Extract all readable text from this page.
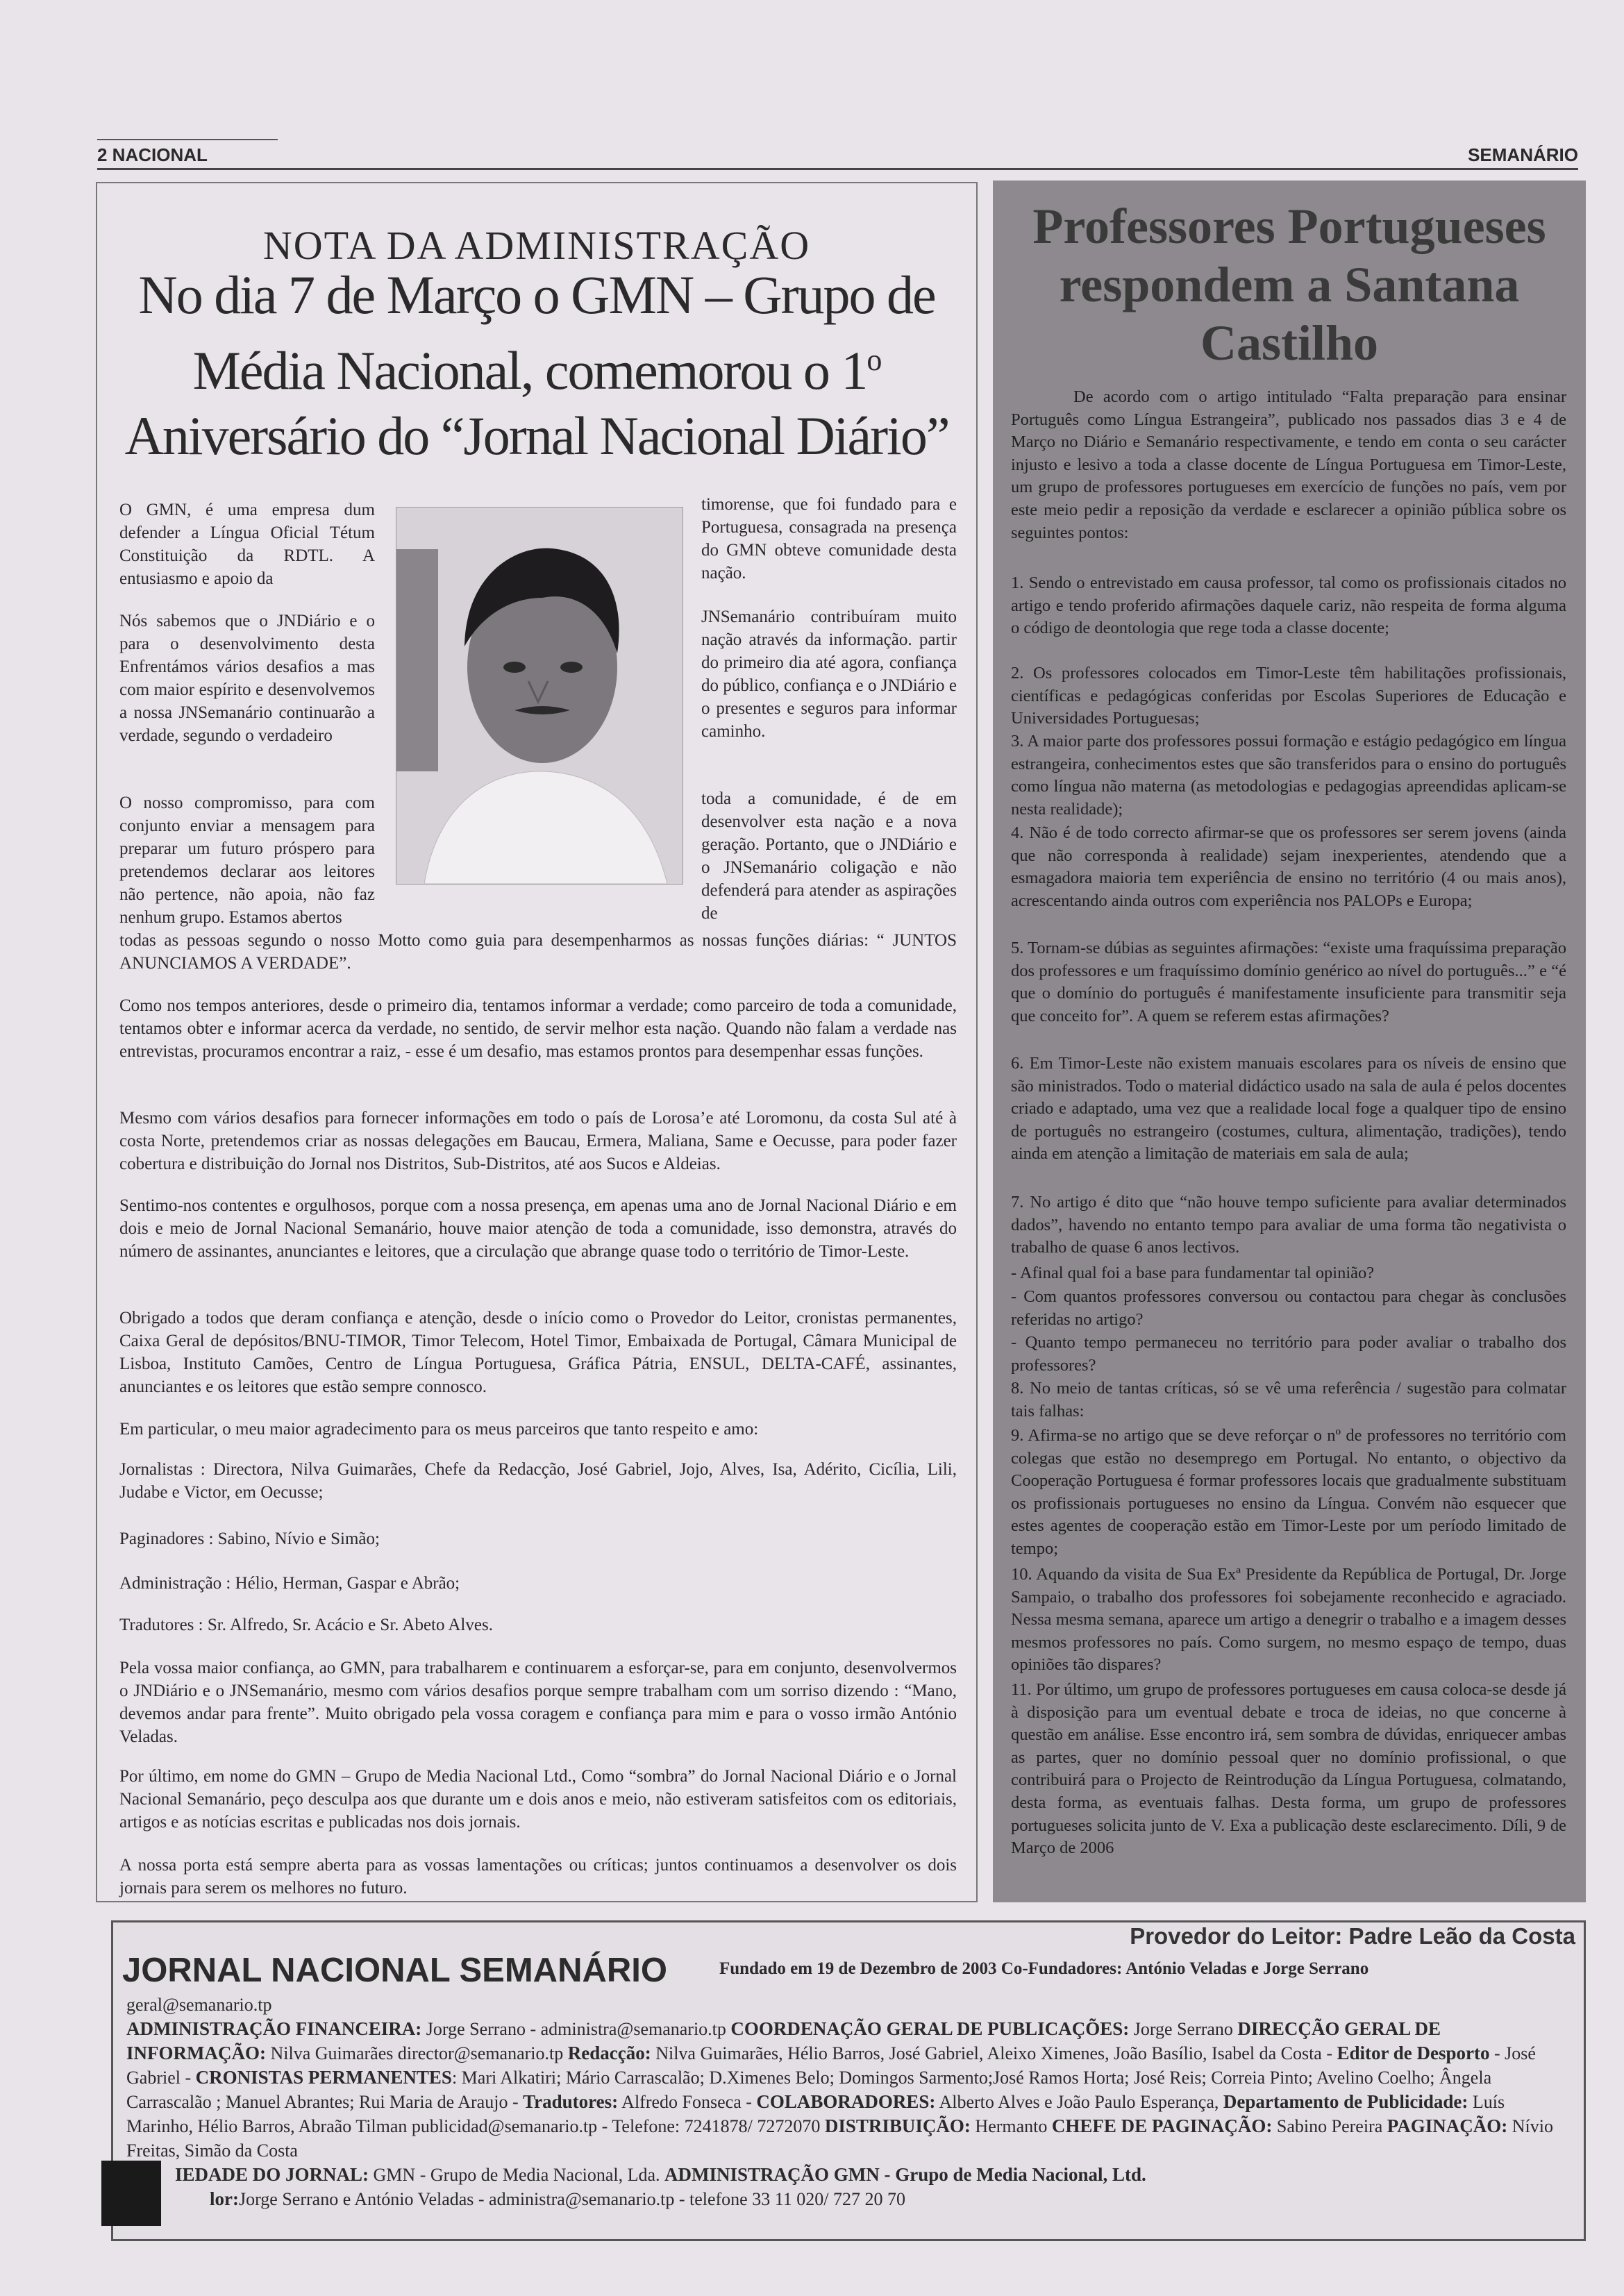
2 NACIONAL	SEMANÁRIO
NOTA DA ADMINISTRAÇÃO
No dia 7 de Março o GMN – Grupo de
Média Nacional, comemorou o 1$^o$
Aniversário do “Jornal Nacional Diário”
O GMN, é uma empresa dum defender a Língua Oficial Tétum Constituição da RDTL. A entusiasmo e apoio da
Nós sabemos que o JNDiário e o para o desenvolvimento desta Enfrentámos vários desafios a mas com maior espírito e desenvolvemos a nossa JNSemanário continuarão a verdade, segundo o verdadeiro
O nosso compromisso, para com conjunto enviar a mensagem para preparar um futuro próspero para pretendemos declarar aos leitores não pertence, não apoia, não faz nenhum grupo. Estamos abertos
timorense, que foi fundado para e Portuguesa, consagrada na presença do GMN obteve comunidade desta nação.
JNSemanário contribuíram muito nação através da informação. partir do primeiro dia até agora, confiança do público, confiança e o JNDiário e o presentes e seguros para informar caminho.
toda a comunidade, é de em desenvolver esta nação e a nova geração. Portanto, que o JNDiário e o JNSemanário coligação e não defenderá para atender as aspirações de
todas as pessoas segundo o nosso Motto como guia para desempenharmos as nossas funções diárias: “ JUNTOS ANUNCIAMOS A VERDADE”.
Como nos tempos anteriores, desde o primeiro dia, tentamos informar a verdade; como parceiro de toda a comunidade, tentamos obter e informar acerca da verdade, no sentido, de servir melhor esta nação. Quando não falam a verdade nas entrevistas, procuramos encontrar a raiz, - esse é um desafio, mas estamos prontos para desempenhar essas funções.
Mesmo com vários desafios para fornecer informações em todo o país de Lorosa’e até Loromonu, da costa Sul até à costa Norte, pretendemos criar as nossas delegações em Baucau, Ermera, Maliana, Same e Oecusse, para poder fazer cobertura e distribuição do Jornal nos Distritos, Sub-Distritos, até aos Sucos e Aldeias.
Sentimo-nos contentes e orgulhosos, porque com a nossa presença, em apenas uma ano de Jornal Nacional Diário e em dois e meio de Jornal Nacional Semanário, houve maior atenção de toda a comunidade, isso demonstra, através do número de assinantes, anunciantes e leitores, que a circulação que abrange quase todo o território de Timor-Leste.
Obrigado a todos que deram confiança e atenção, desde o início como o Provedor do Leitor, cronistas permanentes, Caixa Geral de depósitos/BNU-TIMOR, Timor Telecom, Hotel Timor, Embaixada de Portugal, Câmara Municipal de Lisboa, Instituto Camões, Centro de Língua Portuguesa, Gráfica Pátria, ENSUL, DELTA-CAFÉ, assinantes, anunciantes e os leitores que estão sempre connosco.
Em particular, o meu maior agradecimento para os meus parceiros que tanto respeito e amo:
Jornalistas : Directora, Nilva Guimarães, Chefe da Redacção, José Gabriel, Jojo, Alves, Isa, Adérito, Cicília, Lili, Judabe e Victor, em Oecusse;
Paginadores : Sabino, Nívio e Simão;
Administração : Hélio, Herman, Gaspar e Abrão;
Tradutores : Sr. Alfredo, Sr. Acácio e Sr. Abeto Alves.
Pela vossa maior confiança, ao GMN, para trabalharem e continuarem a esforçar-se, para em conjunto, desenvolvermos o JNDiário e o JNSemanário, mesmo com vários desafios porque sempre trabalham com um sorriso dizendo : “Mano, devemos andar para frente”. Muito obrigado pela vossa coragem e confiança para mim e para o vosso irmão António Veladas.
Por último, em nome do GMN – Grupo de Media Nacional Ltd., Como “sombra” do Jornal Nacional Diário e o Jornal Nacional Semanário, peço desculpa aos que durante um e dois anos e meio, não estiveram satisfeitos com os editoriais, artigos e as notícias escritas e publicadas nos dois jornais.
A nossa porta está sempre aberta para as vossas lamentações ou críticas; juntos continuamos a desenvolver os dois jornais para serem os melhores no futuro.
Professores Portugueses
respondem a Santana
Castilho
De acordo com o artigo intitulado “Falta preparação para ensinar Português como Língua Estrangeira”, publicado nos passados dias 3 e 4 de Março no Diário e Semanário respectivamente, e tendo em conta o seu carácter injusto e lesivo a toda a classe docente de Língua Portuguesa em Timor-Leste, um grupo de professores portugueses em exercício de funções no país, vem por este meio pedir a reposição da verdade e esclarecer a opinião pública sobre os seguintes pontos:
1. Sendo o entrevistado em causa professor, tal como os profissionais citados no artigo e tendo proferido afirmações daquele cariz, não respeita de forma alguma o código de deontologia que rege toda a classe docente;
2. Os professores colocados em Timor-Leste têm habilitações profissionais, científicas e pedagógicas conferidas por Escolas Superiores de Educação e Universidades Portuguesas;
3. A maior parte dos professores possui formação e estágio pedagógico em língua estrangeira, conhecimentos estes que são transferidos para o ensino do português como língua não materna (as metodologias e pedagogias apreendidas aplicam-se nesta realidade);
4. Não é de todo correcto afirmar-se que os professores ser serem jovens (ainda que não corresponda à realidade) sejam inexperientes, atendendo que a esmagadora maioria tem experiência de ensino no território (4 ou mais anos), acrescentando ainda outros com experiência nos PALOPs e Europa;
5. Tornam-se dúbias as seguintes afirmações: “existe uma fraquíssima preparação dos professores e um fraquíssimo domínio genérico ao nível do português...” e “é que o domínio do português é manifestamente insuficiente para transmitir seja que conceito for”. A quem se referem estas afirmações?
6. Em Timor-Leste não existem manuais escolares para os níveis de ensino que são ministrados. Todo o material didáctico usado na sala de aula é pelos docentes criado e adaptado, uma vez que a realidade local foge a qualquer tipo de ensino de português no estrangeiro (costumes, cultura, alimentação, tradições), tendo ainda em atenção a limitação de materiais em sala de aula;
7. No artigo é dito que “não houve tempo suficiente para avaliar determinados dados”, havendo no entanto tempo para avaliar de uma forma tão negativista o trabalho de quase 6 anos lectivos.
- Afinal qual foi a base para fundamentar tal opinião?
- Com quantos professores conversou ou contactou para chegar às conclusões referidas no artigo?
- Quanto tempo permaneceu no território para poder avaliar o trabalho dos professores?
8. No meio de tantas críticas, só se vê uma referência / sugestão para colmatar tais falhas:
9. Afirma-se no artigo que se deve reforçar o nº de professores no território com colegas que estão no desemprego em Portugal. No entanto, o objectivo da Cooperação Portuguesa é formar professores locais que gradualmente substituam os profissionais portugueses no ensino da Língua. Convém não esquecer que estes agentes de cooperação estão em Timor-Leste por um período limitado de tempo;
10. Aquando da visita de Sua Exª Presidente da República de Portugal, Dr. Jorge Sampaio, o trabalho dos professores foi sobejamente reconhecido e agraciado. Nessa mesma semana, aparece um artigo a denegrir o trabalho e a imagem desses mesmos professores no país. Como surgem, no mesmo espaço de tempo, duas opiniões tão dispares?
11. Por último, um grupo de professores portugueses em causa coloca-se desde já à disposição para um eventual debate e troca de ideias, no que concerne à questão em análise. Esse encontro irá, sem sombra de dúvidas, enriquecer ambas as partes, quer no domínio pessoal quer no domínio profissional, o que contribuirá para o Projecto de Reintrodução da Língua Portuguesa, colmatando, desta forma, as eventuais falhas. Desta forma, um grupo de professores portugueses solicita junto de V. Exa a publicação deste esclarecimento. Díli, 9 de Março de 2006
Provedor do Leitor: Padre Leão da Costa
JORNAL NACIONAL SEMANÁRIO	Fundado em 19 de Dezembro de 2003 Co-Fundadores: António Veladas e Jorge Serrano
geral@semanario.tp
ADMINISTRAÇÃO FINANCEIRA: Jorge Serrano - administra@semanario.tp COORDENAÇÃO GERAL DE PUBLICAÇÕES: Jorge Serrano DIRECÇÃO GERAL DE INFORMAÇÃO: Nilva Guimarães director@semanario.tp Redacção: Nilva Guimarães, Hélio Barros, José Gabriel, Aleixo Ximenes, João Basílio, Isabel da Costa - Editor de Desporto - José Gabriel - CRONISTAS PERMANENTES: Mari Alkatiri; Mário Carrascalão; D.Ximenes Belo; Domingos Sarmento;José Ramos Horta; José Reis; Correia Pinto; Avelino Coelho; Ângela Carrascalão ; Manuel Abrantes; Rui Maria de Araujo - Tradutores: Alfredo Fonseca - COLABORADORES: Alberto Alves e João Paulo Esperança, Departamento de Publicidade: Luís Marinho, Hélio Barros, Abraão Tilman publicidad@semanario.tp - Telefone: 7241878/ 7272070 DISTRIBUIÇÃO: Hermanto CHEFE DE PAGINAÇÃO: Sabino Pereira PAGINAÇÃO: Nívio Freitas, Simão da Costa
IEDADE DO JORNAL: GMN - Grupo de Media Nacional, Lda. ADMINISTRAÇÃO GMN - Grupo de Media Nacional, Ltd.
lor:Jorge Serrano e António Veladas - administra@semanario.tp - telefone 33 11 020/ 727 20 70
